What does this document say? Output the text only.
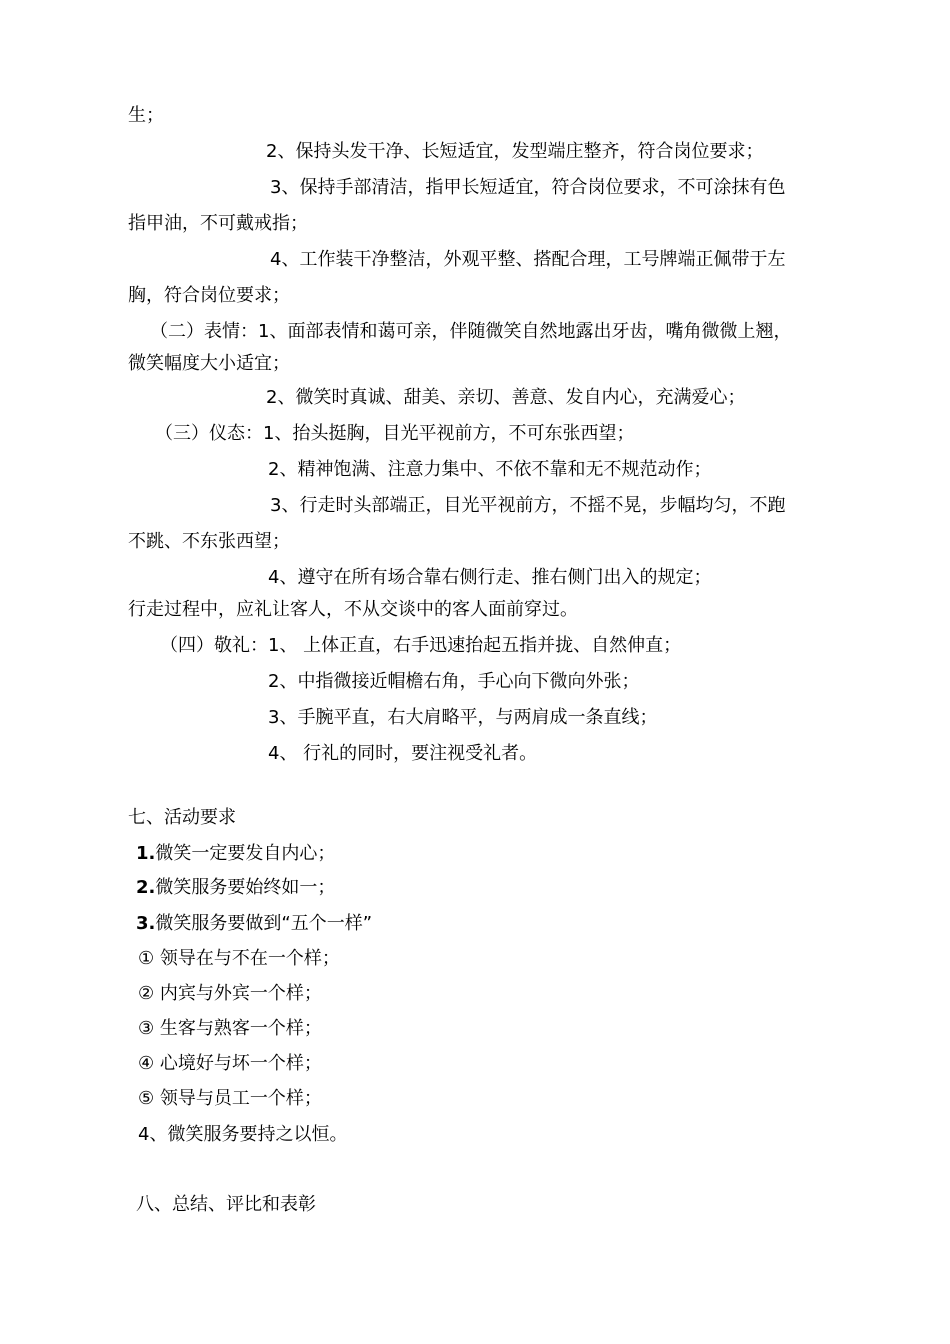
生；
2、保持头发干净、长短适宜，发型端庄整齐，符合岗位要求；
3、保持手部清洁，指甲长短适宜，符合岗位要求，不可涂抹有色
指甲油，不可戴戒指；
4、工作装干净整洁，外观平整、搭配合理，工号牌端正佩带于左
胸，符合岗位要求；
（二）表情：1、面部表情和蔼可亲，伴随微笑自然地露出牙齿，嘴角微微上翘，
微笑幅度大小适宜；
2、微笑时真诚、甜美、亲切、善意、发自内心，充满爱心；
（三）仪态：1、抬头挺胸，目光平视前方，不可东张西望；
2、精神饱满、注意力集中、不依不靠和无不规范动作；
3、行走时头部端正，目光平视前方，不摇不晃，步幅均匀，不跑
不跳、不东张西望；
4、遵守在所有场合靠右侧行走、推右侧门出入的规定；
行走过程中，应礼让客人，不从交谈中的客人面前穿过。
（四）敬礼：1、 上体正直，右手迅速抬起五指并拢、自然伸直；
2、中指微接近帽檐右角，手心向下微向外张；
3、手腕平直，右大肩略平，与两肩成一条直线；
4、 行礼的同时，要注视受礼者。
七、活动要求
1.微笑一定要发自内心；
2.微笑服务要始终如一；
3.微笑服务要做到“五个一样”
① 领导在与不在一个样；
② 内宾与外宾一个样；
③ 生客与熟客一个样；
④ 心境好与坏一个样；
⑤ 领导与员工一个样；
4、微笑服务要持之以恒。
八、总结、评比和表彰
